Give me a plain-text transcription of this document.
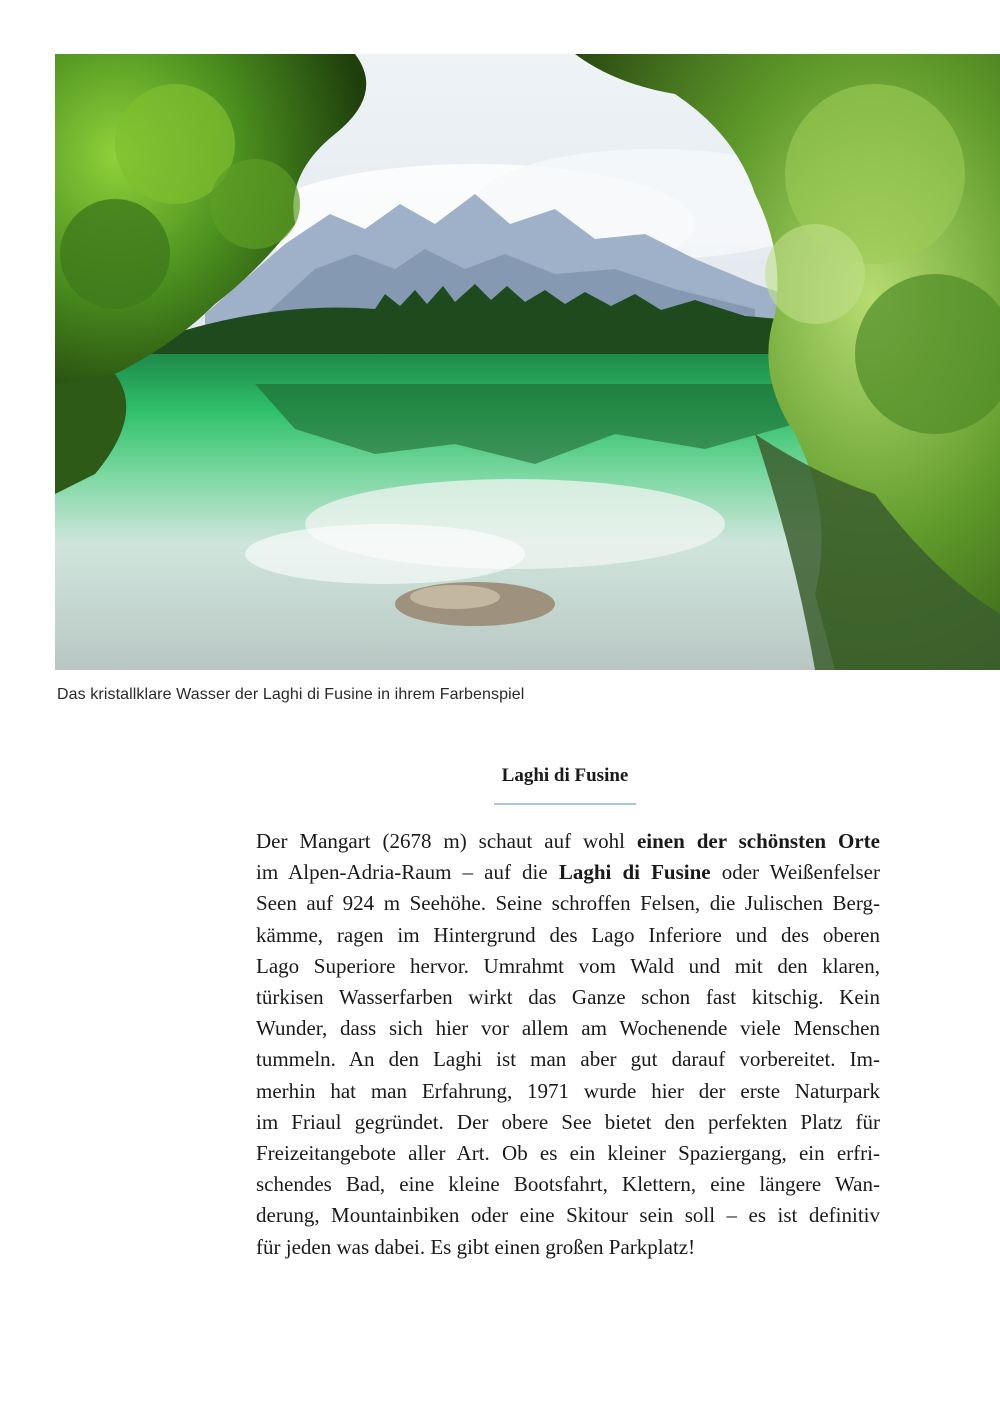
Das kristallklare Wasser der Laghi di Fusine in ihrem Farbenspiel
Laghi di Fusine
Der Mangart (2678 m) schaut auf wohl einen der schönsten Orte
im Alpen-Adria-Raum – auf die Laghi di Fusine oder Weißenfelser
Seen auf 924 m Seehöhe. Seine schroffen Felsen, die Julischen Berg-
kämme, ragen im Hintergrund des Lago Inferiore und des oberen
Lago Superiore hervor. Umrahmt vom Wald und mit den klaren,
türkisen Wasserfarben wirkt das Ganze schon fast kitschig. Kein
Wunder, dass sich hier vor allem am Wochenende viele Menschen
tummeln. An den Laghi ist man aber gut darauf vorbereitet. Im-
merhin hat man Erfahrung, 1971 wurde hier der erste Naturpark
im Friaul gegründet. Der obere See bietet den perfekten Platz für
Freizeitangebote aller Art. Ob es ein kleiner Spaziergang, ein erfri-
schendes Bad, eine kleine Bootsfahrt, Klettern, eine längere Wan-
derung, Mountainbiken oder eine Skitour sein soll – es ist definitiv
für jeden was dabei. Es gibt einen großen Parkplatz!
